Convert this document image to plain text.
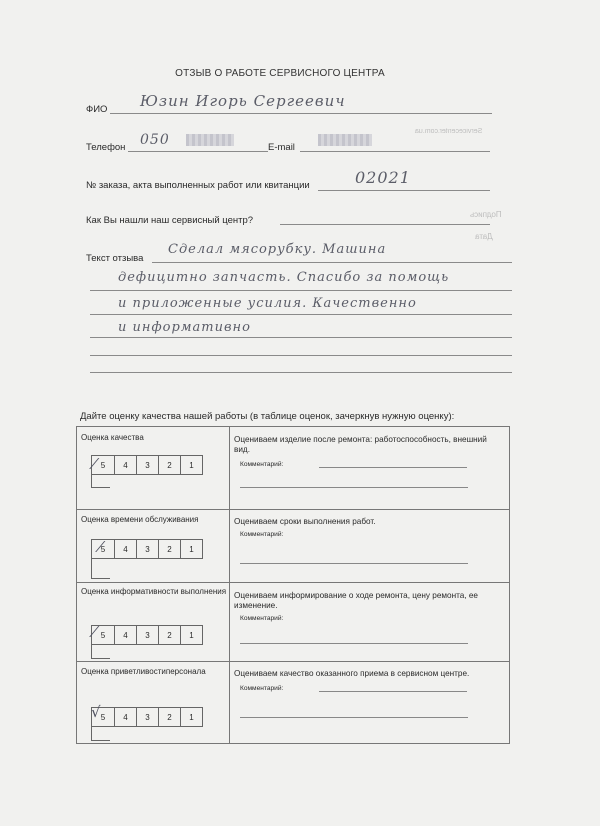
Servicecenter.com.ua
Подпись
Дата
ОТЗЫВ О РАБОТЕ СЕРВИСНОГО ЦЕНТРА
ФИО Юзин Игорь Сергеевич
Телефон 050	E-mail
№ заказа, акта выполненных работ или квитанции	02021
Как Вы нашли наш сервисный центр?
Текст отзыва
Сделал мясорубку. Машина
дефицитно запчасть. Спасибо за помощь
и приложенные усилия. Качественно
и информативно
Дайте оценку качества нашей работы (в таблице оценок, зачеркнув нужную оценку):
Оценка качества
5	4	3	2	1
⁄
Оцениваем изделие после ремонта: работоспособность, внешний вид.
Комментарий:
Оценка времени обслуживания
5	4	3	2	1
⁄
Оцениваем сроки выполнения работ.
Комментарий:
Оценка информативности выполнения
5	4	3	2	1
⁄
Оцениваем информирование о ходе ремонта, цену ремонта, ее изменение.
Комментарий:
Оценка приветливостиперсонала
5	4	3	2	1
√
Оцениваем качество оказанного приема в сервисном центре.
Комментарий:
